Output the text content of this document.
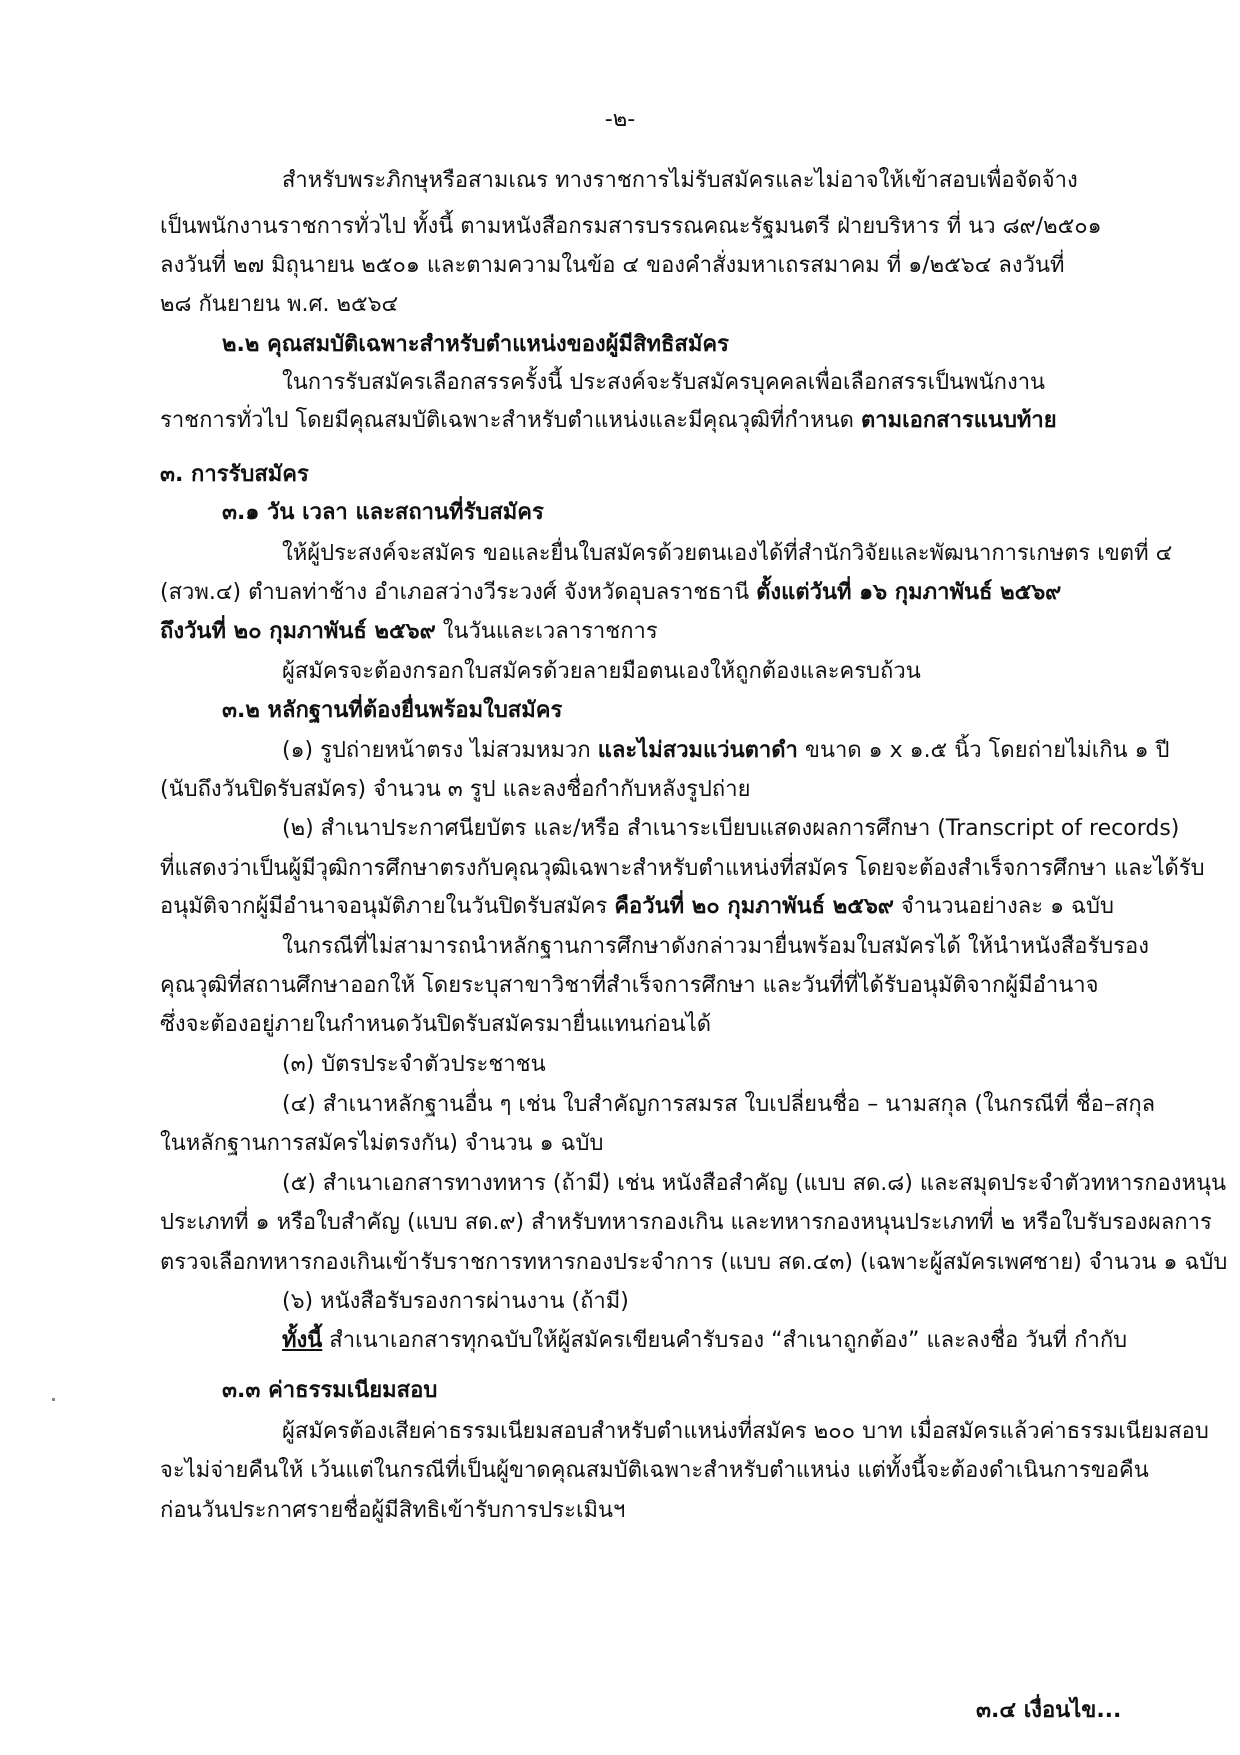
-๒-
สำหรับพระภิกษุหรือสามเณร ทางราชการไม่รับสมัครและไม่อาจให้เข้าสอบเพื่อจัดจ้าง
เป็นพนักงานราชการทั่วไป ทั้งนี้ ตามหนังสือกรมสารบรรณคณะรัฐมนตรี ฝ่ายบริหาร ที่ นว ๘๙/๒๕๐๑
ลงวันที่ ๒๗ มิถุนายน ๒๕๐๑ และตามความในข้อ ๔ ของคำสั่งมหาเถรสมาคม ที่ ๑/๒๕๖๔ ลงวันที่
๒๘ กันยายน พ.ศ. ๒๕๖๔
๒.๒ คุณสมบัติเฉพาะสำหรับตำแหน่งของผู้มีสิทธิสมัคร
ในการรับสมัครเลือกสรรครั้งนี้ ประสงค์จะรับสมัครบุคคลเพื่อเลือกสรรเป็นพนักงาน
ราชการทั่วไป โดยมีคุณสมบัติเฉพาะสำหรับตำแหน่งและมีคุณวุฒิที่กำหนด ตามเอกสารแนบท้าย
๓. การรับสมัคร
๓.๑ วัน เวลา และสถานที่รับสมัคร
ให้ผู้ประสงค์จะสมัคร ขอและยื่นใบสมัครด้วยตนเองได้ที่สำนักวิจัยและพัฒนาการเกษตร เขตที่ ๔
(สวพ.๔) ตำบลท่าช้าง อำเภอสว่างวีระวงศ์ จังหวัดอุบลราชธานี ตั้งแต่วันที่ ๑๖ กุมภาพันธ์ ๒๕๖๙
ถึงวันที่ ๒๐ กุมภาพันธ์ ๒๕๖๙ ในวันและเวลาราชการ
ผู้สมัครจะต้องกรอกใบสมัครด้วยลายมือตนเองให้ถูกต้องและครบถ้วน
๓.๒ หลักฐานที่ต้องยื่นพร้อมใบสมัคร
(๑) รูปถ่ายหน้าตรง ไม่สวมหมวก และไม่สวมแว่นตาดำ ขนาด ๑ x ๑.๕ นิ้ว โดยถ่ายไม่เกิน ๑ ปี
(นับถึงวันปิดรับสมัคร) จำนวน ๓ รูป และลงชื่อกำกับหลังรูปถ่าย
(๒) สำเนาประกาศนียบัตร และ/หรือ สำเนาระเบียบแสดงผลการศึกษา (Transcript of records)
ที่แสดงว่าเป็นผู้มีวุฒิการศึกษาตรงกับคุณวุฒิเฉพาะสำหรับตำแหน่งที่สมัคร โดยจะต้องสำเร็จการศึกษา และได้รับ
อนุมัติจากผู้มีอำนาจอนุมัติภายในวันปิดรับสมัคร คือวันที่ ๒๐ กุมภาพันธ์ ๒๕๖๙ จำนวนอย่างละ ๑ ฉบับ
ในกรณีที่ไม่สามารถนำหลักฐานการศึกษาดังกล่าวมายื่นพร้อมใบสมัครได้ ให้นำหนังสือรับรอง
คุณวุฒิที่สถานศึกษาออกให้ โดยระบุสาขาวิชาที่สำเร็จการศึกษา และวันที่ที่ได้รับอนุมัติจากผู้มีอำนาจ
ซึ่งจะต้องอยู่ภายในกำหนดวันปิดรับสมัครมายื่นแทนก่อนได้
(๓) บัตรประจำตัวประชาชน
(๔) สำเนาหลักฐานอื่น ๆ เช่น ใบสำคัญการสมรส ใบเปลี่ยนชื่อ – นามสกุล (ในกรณีที่ ชื่อ–สกุล
ในหลักฐานการสมัครไม่ตรงกัน) จำนวน ๑ ฉบับ
(๕) สำเนาเอกสารทางทหาร (ถ้ามี) เช่น หนังสือสำคัญ (แบบ สด.๘) และสมุดประจำตัวทหารกองหนุน
ประเภทที่ ๑ หรือใบสำคัญ (แบบ สด.๙) สำหรับทหารกองเกิน และทหารกองหนุนประเภทที่ ๒ หรือใบรับรองผลการ
ตรวจเลือกทหารกองเกินเข้ารับราชการทหารกองประจำการ (แบบ สด.๔๓) (เฉพาะผู้สมัครเพศชาย) จำนวน ๑ ฉบับ
(๖) หนังสือรับรองการผ่านงาน (ถ้ามี)
ทั้งนี้ สำเนาเอกสารทุกฉบับให้ผู้สมัครเขียนคำรับรอง “สำเนาถูกต้อง” และลงชื่อ วันที่ กำกับ
๓.๓ ค่าธรรมเนียมสอบ
ผู้สมัครต้องเสียค่าธรรมเนียมสอบสำหรับตำแหน่งที่สมัคร ๒๐๐ บาท เมื่อสมัครแล้วค่าธรรมเนียมสอบ
จะไม่จ่ายคืนให้ เว้นแต่ในกรณีที่เป็นผู้ขาดคุณสมบัติเฉพาะสำหรับตำแหน่ง แต่ทั้งนี้จะต้องดำเนินการขอคืน
ก่อนวันประกาศรายชื่อผู้มีสิทธิเข้ารับการประเมินฯ
๓.๔ เงื่อนไข...
